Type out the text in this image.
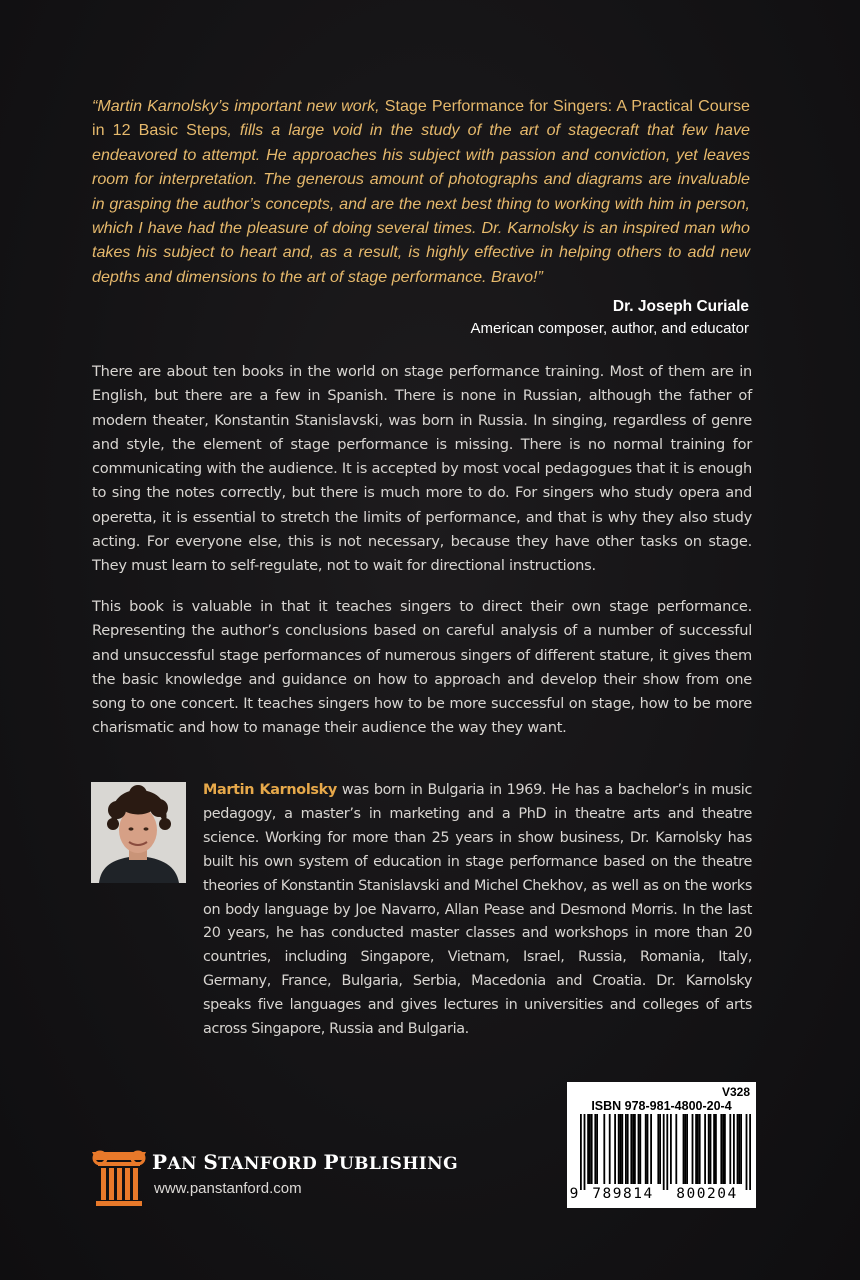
“Martin Karnolsky’s important new work, Stage Performance for Singers: A Practical Course in 12 Basic Steps, fills a large void in the study of the art of stagecraft that few have endeavored to attempt. He approaches his subject with passion and conviction, yet leaves room for interpretation. The generous amount of photographs and diagrams are invaluable in grasping the author’s concepts, and are the next best thing to working with him in person, which I have had the pleasure of doing several times. Dr. Karnolsky is an inspired man who takes his subject to heart and, as a result, is highly effective in helping others to add new depths and dimensions to the art of stage performance. Bravo!”
Dr. Joseph Curiale
American composer, author, and educator
There are about ten books in the world on stage performance training. Most of them are in English, but there are a few in Spanish. There is none in Russian, although the father of modern theater, Konstantin Stanislavski, was born in Russia. In singing, regardless of genre and style, the element of stage performance is missing. There is no normal training for communicating with the audience. It is accepted by most vocal pedagogues that it is enough to sing the notes correctly, but there is much more to do. For singers who study opera and operetta, it is essential to stretch the limits of performance, and that is why they also study acting. For everyone else, this is not necessary, because they have other tasks on stage. They must learn to self-regulate, not to wait for directional instructions.
This book is valuable in that it teaches singers to direct their own stage performance. Representing the author’s conclusions based on careful analysis of a number of successful and unsuccessful stage performances of numerous singers of different stature, it gives them the basic knowledge and guidance on how to approach and develop their show from one song to one concert. It teaches singers how to be more successful on stage, how to be more charismatic and how to manage their audience the way they want.
Martin Karnolsky was born in Bulgaria in 1969. He has a bachelor’s in music pedagogy, a master’s in marketing and a PhD in theatre arts and theatre science. Working for more than 25 years in show business, Dr. Karnolsky has built his own system of education in stage performance based on the theatre theories of Konstantin Stanislavski and Michel Chekhov, as well as on the works on body language by Joe Navarro, Allan Pease and Desmond Morris. In the last 20 years, he has conducted master classes and workshops in more than 20 countries, including Singapore, Vietnam, Israel, Russia, Romania, Italy, Germany, France, Bulgaria, Serbia, Macedonia and Croatia. Dr. Karnolsky speaks five languages and gives lectures in universities and colleges of arts across Singapore, Russia and Bulgaria.
PAN STANFORD PUBLISHING
www.panstanford.com
V328
ISBN 978-981-4800-20-4
9 789814	800204
